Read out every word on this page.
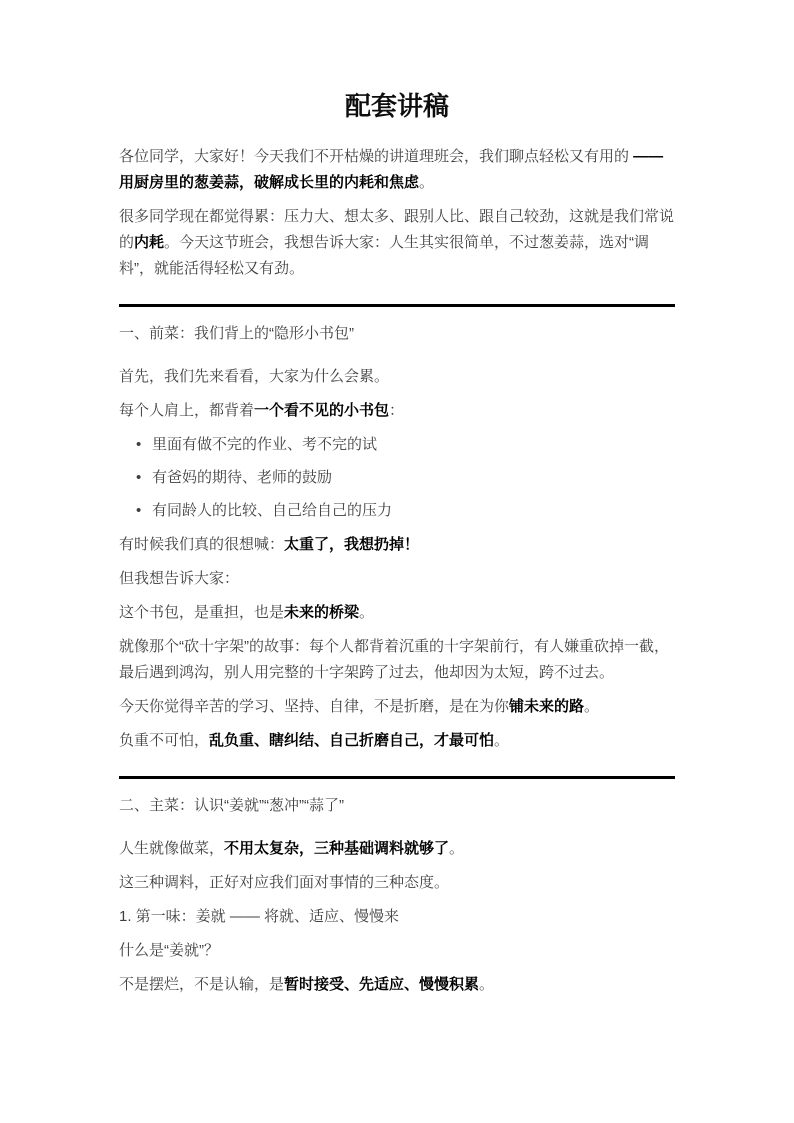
配套讲稿

各位同学，大家好！今天我们不开枯燥的讲道理班会，我们聊点轻松又有用的 ——用厨房里的葱姜蒜，破解成长里的内耗和焦虑。

很多同学现在都觉得累：压力大、想太多、跟别人比、跟自己较劲，这就是我们常说的内耗。今天这节班会，我想告诉大家：人生其实很简单，不过葱姜蒜，选对“调料”，就能活得轻松又有劲。

一、前菜：我们背上的“隐形小书包”

首先，我们先来看看，大家为什么会累。

每个人肩上，都背着一个看不见的小书包：

• 里面有做不完的作业、考不完的试
• 有爸妈的期待、老师的鼓励
• 有同龄人的比较、自己给自己的压力

有时候我们真的很想喊：太重了，我想扔掉！

但我想告诉大家：

这个书包，是重担，也是未来的桥梁。

就像那个“砍十字架”的故事：每个人都背着沉重的十字架前行，有人嫌重砍掉一截，最后遇到鸿沟，别人用完整的十字架跨了过去，他却因为太短，跨不过去。

今天你觉得辛苦的学习、坚持、自律，不是折磨，是在为你铺未来的路。

负重不可怕，乱负重、瞎纠结、自己折磨自己，才最可怕。

二、主菜：认识“姜就”“葱冲”“蒜了”

人生就像做菜，不用太复杂，三种基础调料就够了。

这三种调料，正好对应我们面对事情的三种态度。

1. 第一味：姜就 —— 将就、适应、慢慢来

什么是“姜就”？

不是摆烂，不是认输，是暂时接受、先适应、慢慢积累。
